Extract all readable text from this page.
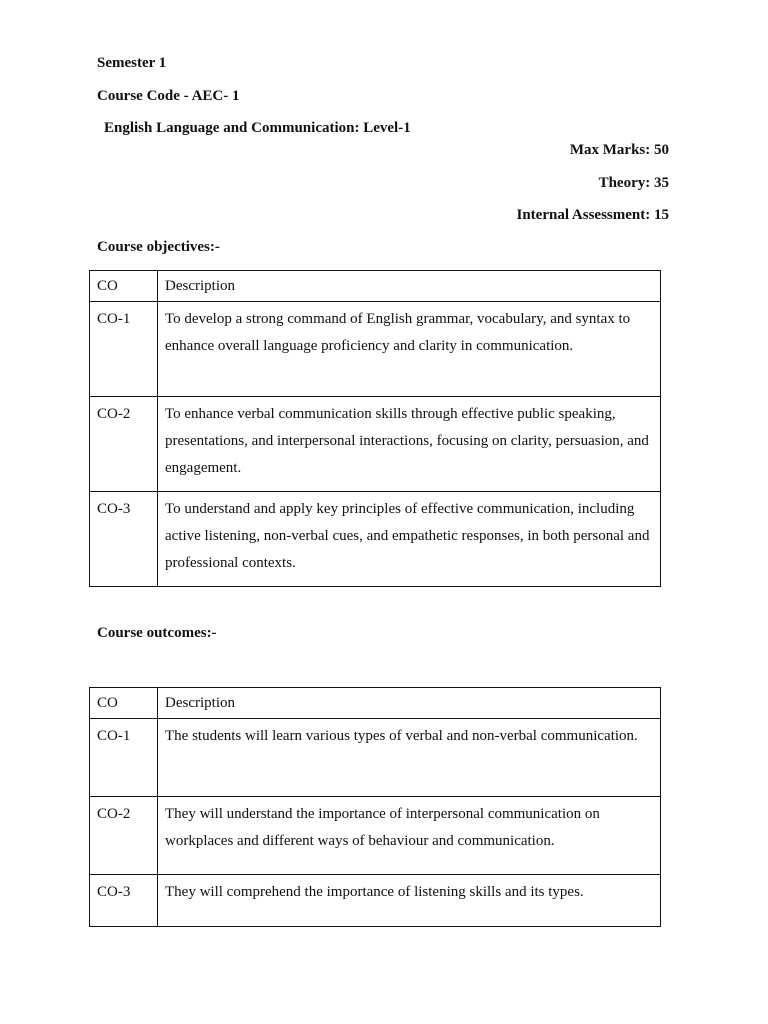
Semester 1
Course Code - AEC- 1
English Language and Communication: Level-1
Max Marks: 50
Theory: 35
Internal Assessment: 15
Course objectives:-
CO	Description
CO-1	To develop a strong command of English grammar, vocabulary, and syntax to enhance overall language proficiency and clarity in communication.
CO-2	To enhance verbal communication skills through effective public speaking, presentations, and interpersonal interactions, focusing on clarity, persuasion, and engagement.
CO-3	To understand and apply key principles of effective communication, including active listening, non-verbal cues, and empathetic responses, in both personal and professional contexts.
Course outcomes:-
CO	Description
CO-1	The students will learn various types of verbal and non-verbal communication.
CO-2	They will understand the importance of interpersonal communication on workplaces and different ways of behaviour and communication.
CO-3	They will comprehend the importance of listening skills and its types.
